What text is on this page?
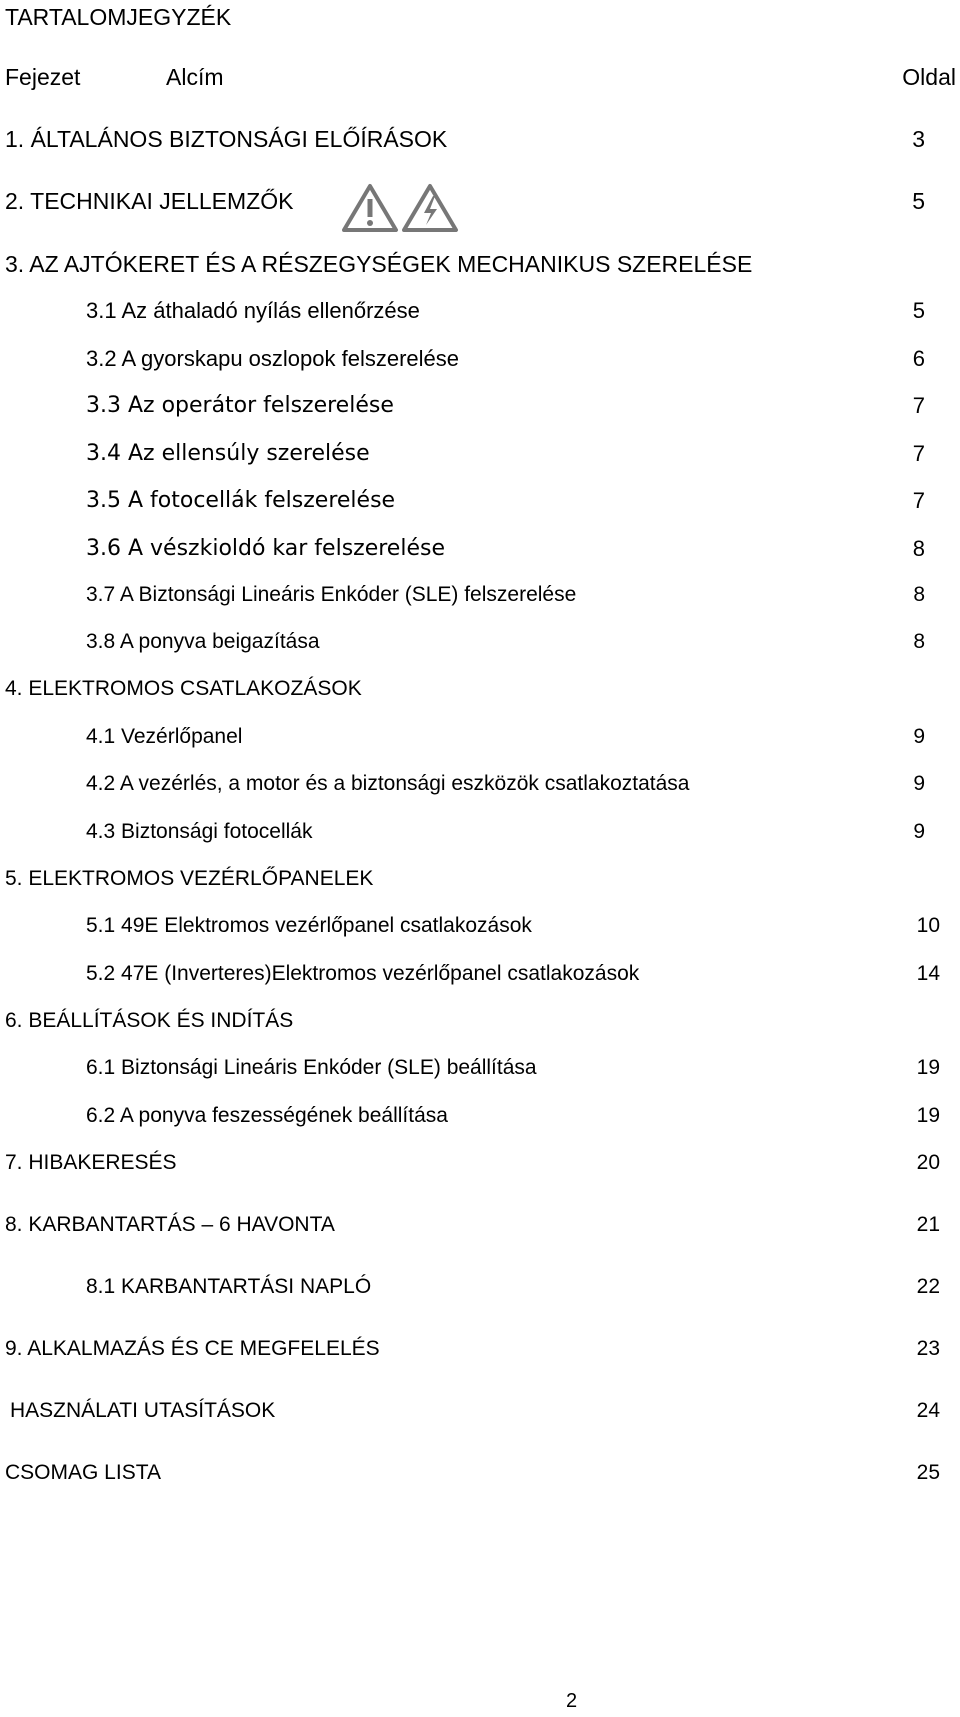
TARTALOMJEGYZÉK
Fejezet	Alcím	Oldal
1. ÁLTALÁNOS BIZTONSÁGI ELŐÍRÁSOK	3
2. TECHNIKAI JELLEMZŐK	5
3. AZ AJTÓKERET ÉS A RÉSZEGYSÉGEK MECHANIKUS SZERELÉSE
3.1 Az áthaladó nyílás ellenőrzése	5
3.2 A gyorskapu oszlopok felszerelése	6
3.3 Az operátor felszerelése	7
3.4 Az ellensúly szerelése	7
3.5 A fotocellák felszerelése	7
3.6 A vészkioldó kar felszerelése	8
3.7 A Biztonsági Lineáris Enkóder (SLE) felszerelése	8
3.8 A ponyva beigazítása	8
4. ELEKTROMOS CSATLAKOZÁSOK
4.1 Vezérlőpanel	9
4.2 A vezérlés, a motor és a biztonsági eszközök csatlakoztatása	9
4.3 Biztonsági fotocellák	9
5. ELEKTROMOS VEZÉRLŐPANELEK
5.1 49E Elektromos vezérlőpanel csatlakozások	10
5.2 47E (Inverteres)Elektromos vezérlőpanel csatlakozások	14
6. BEÁLLÍTÁSOK ÉS INDÍTÁS
6.1 Biztonsági Lineáris Enkóder (SLE) beállítása	19
6.2 A ponyva feszességének beállítása	19
7. HIBAKERESÉS	20
8. KARBANTARTÁS – 6 HAVONTA	21
8.1 KARBANTARTÁSI NAPLÓ	22
9. ALKALMAZÁS ÉS CE MEGFELELÉS	23
HASZNÁLATI UTASÍTÁSOK	24
CSOMAG LISTA	25
2
